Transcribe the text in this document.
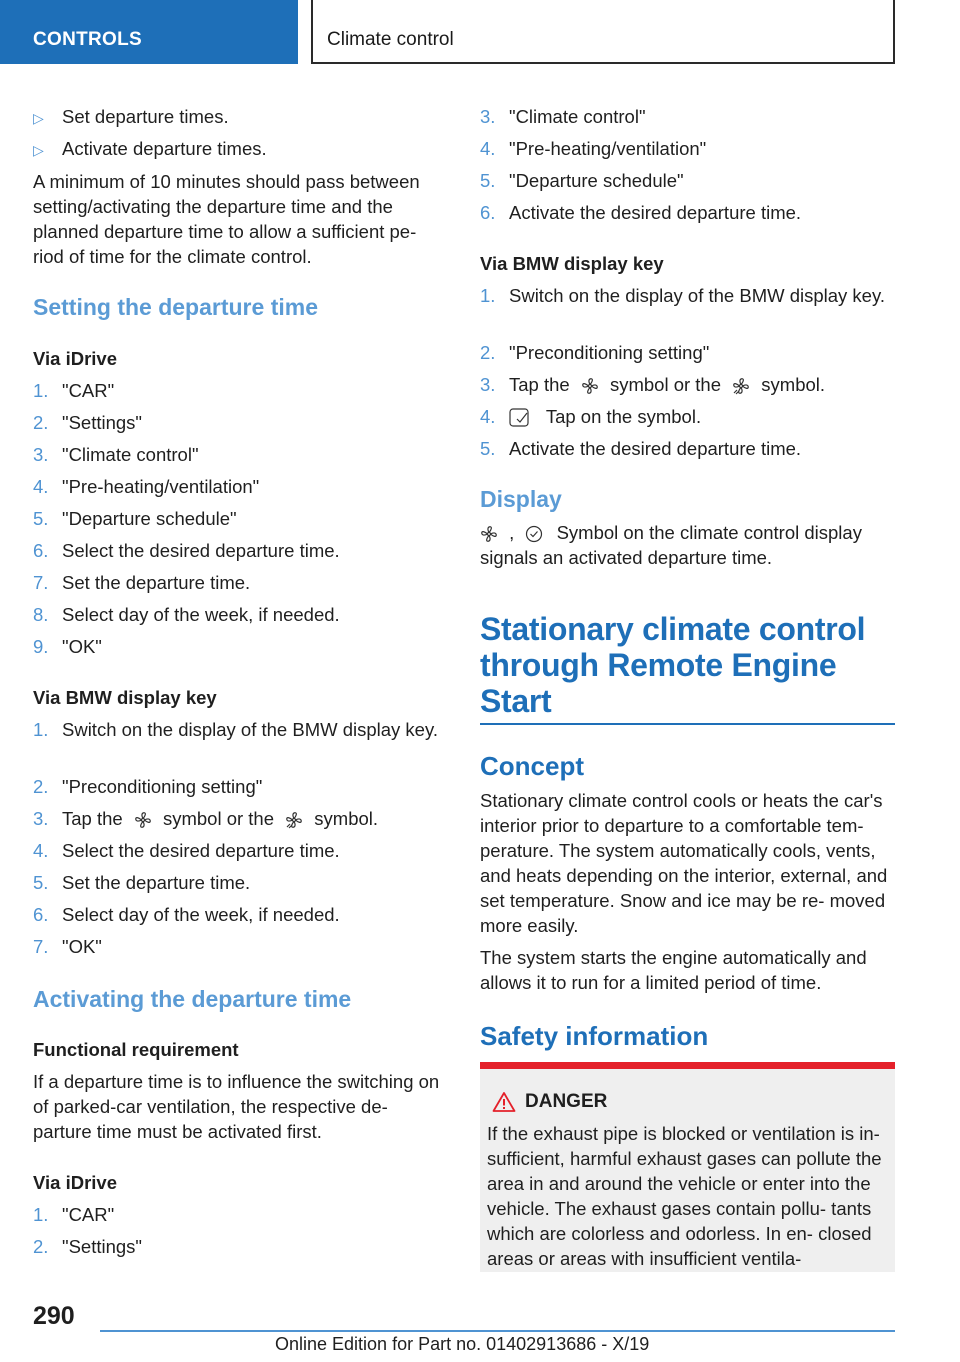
CONTROLS	Climate control
▷ Set departure times.
▷ Activate departure times.
A minimum of 10 minutes should pass between setting/activating the departure time and the planned departure time to allow a sufficient pe- riod of time for the climate control.
Setting the departure time
Via iDrive
1. "CAR"
2. "Settings"
3. "Climate control"
4. "Pre-heating/ventilation"
5. "Departure schedule"
6. Select the desired departure time.
7. Set the departure time.
8. Select day of the week, if needed.
9. "OK"
Via BMW display key
1. Switch on the display of the BMW display key.
2. "Preconditioning setting"
3. Tap the symbol or the symbol.
4. Select the desired departure time.
5. Set the departure time.
6. Select day of the week, if needed.
7. "OK"
Activating the departure time
Functional requirement
If a departure time is to influence the switching on of parked-car ventilation, the respective de- parture time must be activated first.
Via iDrive
1. "CAR"
2. "Settings"
3. "Climate control"
4. "Pre-heating/ventilation"
5. "Departure schedule"
6. Activate the desired departure time.
Via BMW display key
1. Switch on the display of the BMW display key.
2. "Preconditioning setting"
3. Tap the symbol or the symbol.
4.	Tap on the symbol.
5. Activate the desired departure time.
Display
, Symbol on the climate control display
signals an activated departure time.
Stationary climate control
through Remote Engine
Start
Concept
Stationary climate control cools or heats the car's interior prior to departure to a comfortable tem- perature. The system automatically cools, vents, and heats depending on the interior, external, and set temperature. Snow and ice may be re- moved more easily.
The system starts the engine automatically and allows it to run for a limited period of time.
Safety information
DANGER
If the exhaust pipe is blocked or ventilation is in- sufficient, harmful exhaust gases can pollute the area in and around the vehicle or enter into the vehicle. The exhaust gases contain pollu- tants which are colorless and odorless. In en- closed areas or areas with insufficient ventila-
290
Online Edition for Part no. 01402913686 - X/19
